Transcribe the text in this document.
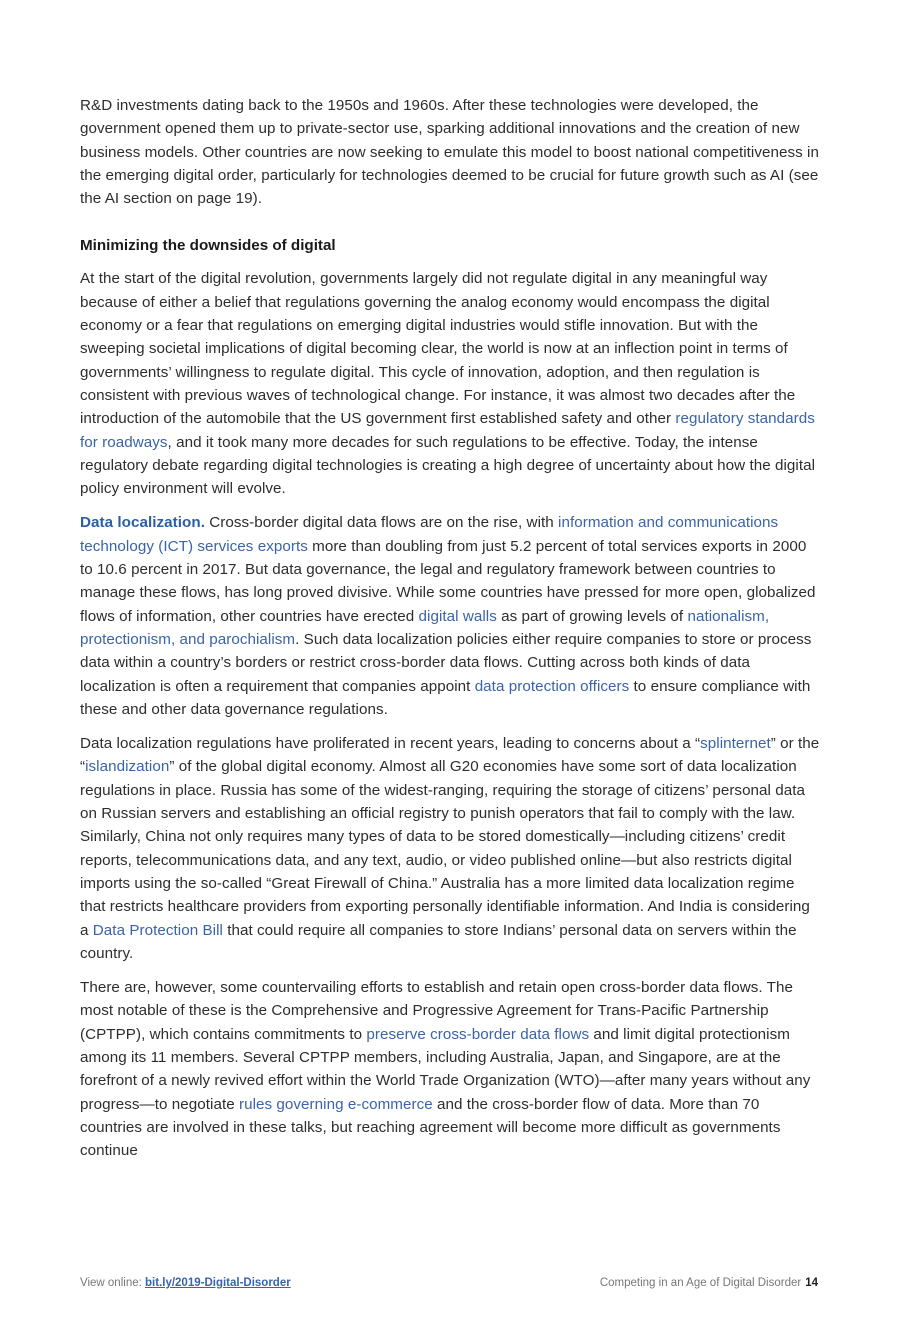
R&D investments dating back to the 1950s and 1960s. After these technologies were developed, the government opened them up to private-sector use, sparking additional innovations and the creation of new business models. Other countries are now seeking to emulate this model to boost national competitiveness in the emerging digital order, particularly for technologies deemed to be crucial for future growth such as AI (see the AI section on page 19).

Minimizing the downsides of digital

At the start of the digital revolution, governments largely did not regulate digital in any meaningful way because of either a belief that regulations governing the analog economy would encompass the digital economy or a fear that regulations on emerging digital industries would stifle innovation. But with the sweeping societal implications of digital becoming clear, the world is now at an inflection point in terms of governments’ willingness to regulate digital. This cycle of innovation, adoption, and then regulation is consistent with previous waves of technological change. For instance, it was almost two decades after the introduction of the automobile that the US government first established safety and other regulatory standards for roadways, and it took many more decades for such regulations to be effective. Today, the intense regulatory debate regarding digital technologies is creating a high degree of uncertainty about how the digital policy environment will evolve.

Data localization. Cross-border digital data flows are on the rise, with information and communications technology (ICT) services exports more than doubling from just 5.2 percent of total services exports in 2000 to 10.6 percent in 2017. But data governance, the legal and regulatory framework between countries to manage these flows, has long proved divisive. While some countries have pressed for more open, globalized flows of information, other countries have erected digital walls as part of growing levels of nationalism, protectionism, and parochialism. Such data localization policies either require companies to store or process data within a country’s borders or restrict cross-border data flows. Cutting across both kinds of data localization is often a requirement that companies appoint data protection officers to ensure compliance with these and other data governance regulations.

Data localization regulations have proliferated in recent years, leading to concerns about a “splinternet” or the “islandization” of the global digital economy. Almost all G20 economies have some sort of data localization regulations in place. Russia has some of the widest-ranging, requiring the storage of citizens’ personal data on Russian servers and establishing an official registry to punish operators that fail to comply with the law. Similarly, China not only requires many types of data to be stored domestically—including citizens’ credit reports, telecommunications data, and any text, audio, or video published online—but also restricts digital imports using the so-called “Great Firewall of China.” Australia has a more limited data localization regime that restricts healthcare providers from exporting personally identifiable information. And India is considering a Data Protection Bill that could require all companies to store Indians’ personal data on servers within the country.

There are, however, some countervailing efforts to establish and retain open cross-border data flows. The most notable of these is the Comprehensive and Progressive Agreement for Trans-Pacific Partnership (CPTPP), which contains commitments to preserve cross-border data flows and limit digital protectionism among its 11 members. Several CPTPP members, including Australia, Japan, and Singapore, are at the forefront of a newly revived effort within the World Trade Organization (WTO)—after many years without any progress—to negotiate rules governing e-commerce and the cross-border flow of data. More than 70 countries are involved in these talks, but reaching agreement will become more difficult as governments continue

View online: bit.ly/2019-Digital-Disorder	Competing in an Age of Digital Disorder 14
